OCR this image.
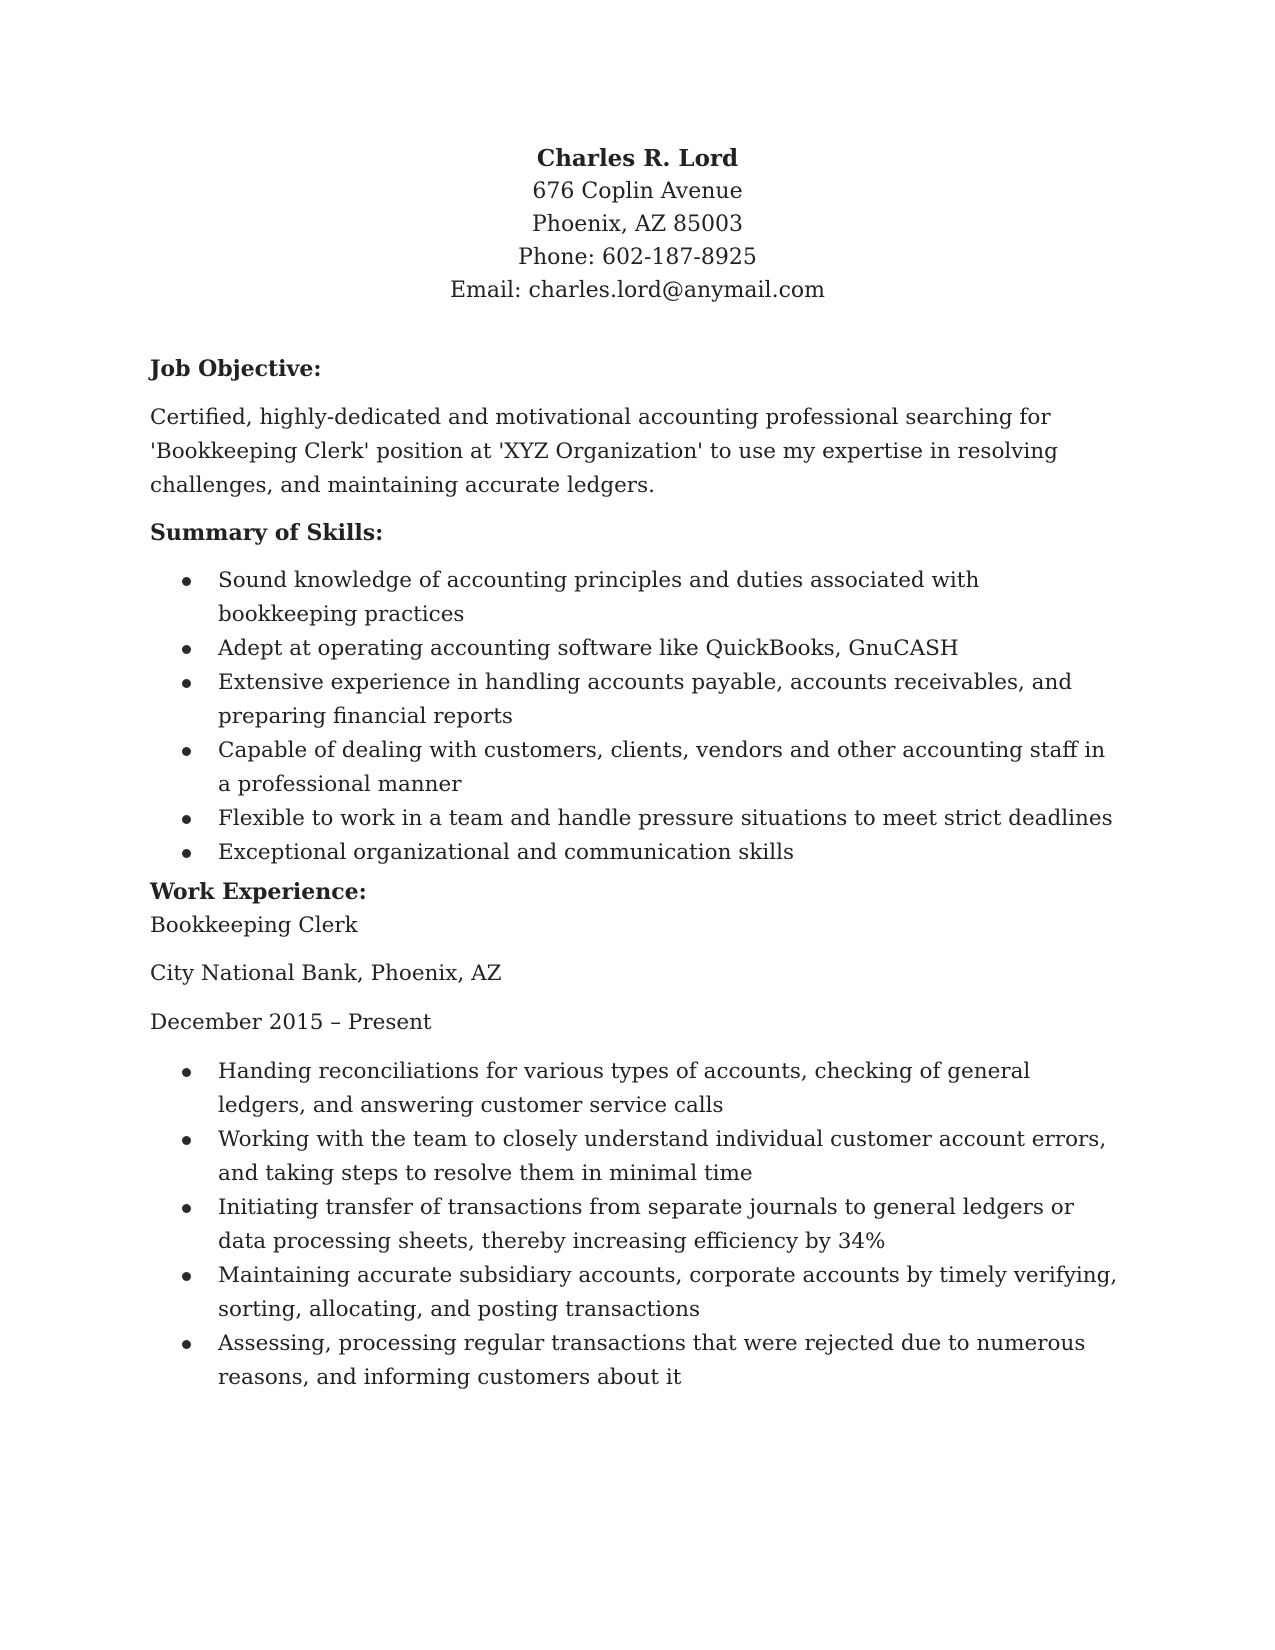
Charles R. Lord
676 Coplin Avenue
Phoenix, AZ 85003
Phone: 602-187-8925
Email: charles.lord@anymail.com
Job Objective:
Certified, highly-dedicated and motivational accounting professional searching for
'Bookkeeping Clerk' position at 'XYZ Organization' to use my expertise in resolving
challenges, and maintaining accurate ledgers.
Summary of Skills:
Sound knowledge of accounting principles and duties associated with
bookkeeping practices
Adept at operating accounting software like QuickBooks, GnuCASH
Extensive experience in handling accounts payable, accounts receivables, and
preparing financial reports
Capable of dealing with customers, clients, vendors and other accounting staff in
a professional manner
Flexible to work in a team and handle pressure situations to meet strict deadlines
Exceptional organizational and communication skills
Work Experience:
Bookkeeping Clerk
City National Bank, Phoenix, AZ
December 2015 – Present
Handing reconciliations for various types of accounts, checking of general
ledgers, and answering customer service calls
Working with the team to closely understand individual customer account errors,
and taking steps to resolve them in minimal time
Initiating transfer of transactions from separate journals to general ledgers or
data processing sheets, thereby increasing efficiency by 34%
Maintaining accurate subsidiary accounts, corporate accounts by timely verifying,
sorting, allocating, and posting transactions
Assessing, processing regular transactions that were rejected due to numerous
reasons, and informing customers about it
